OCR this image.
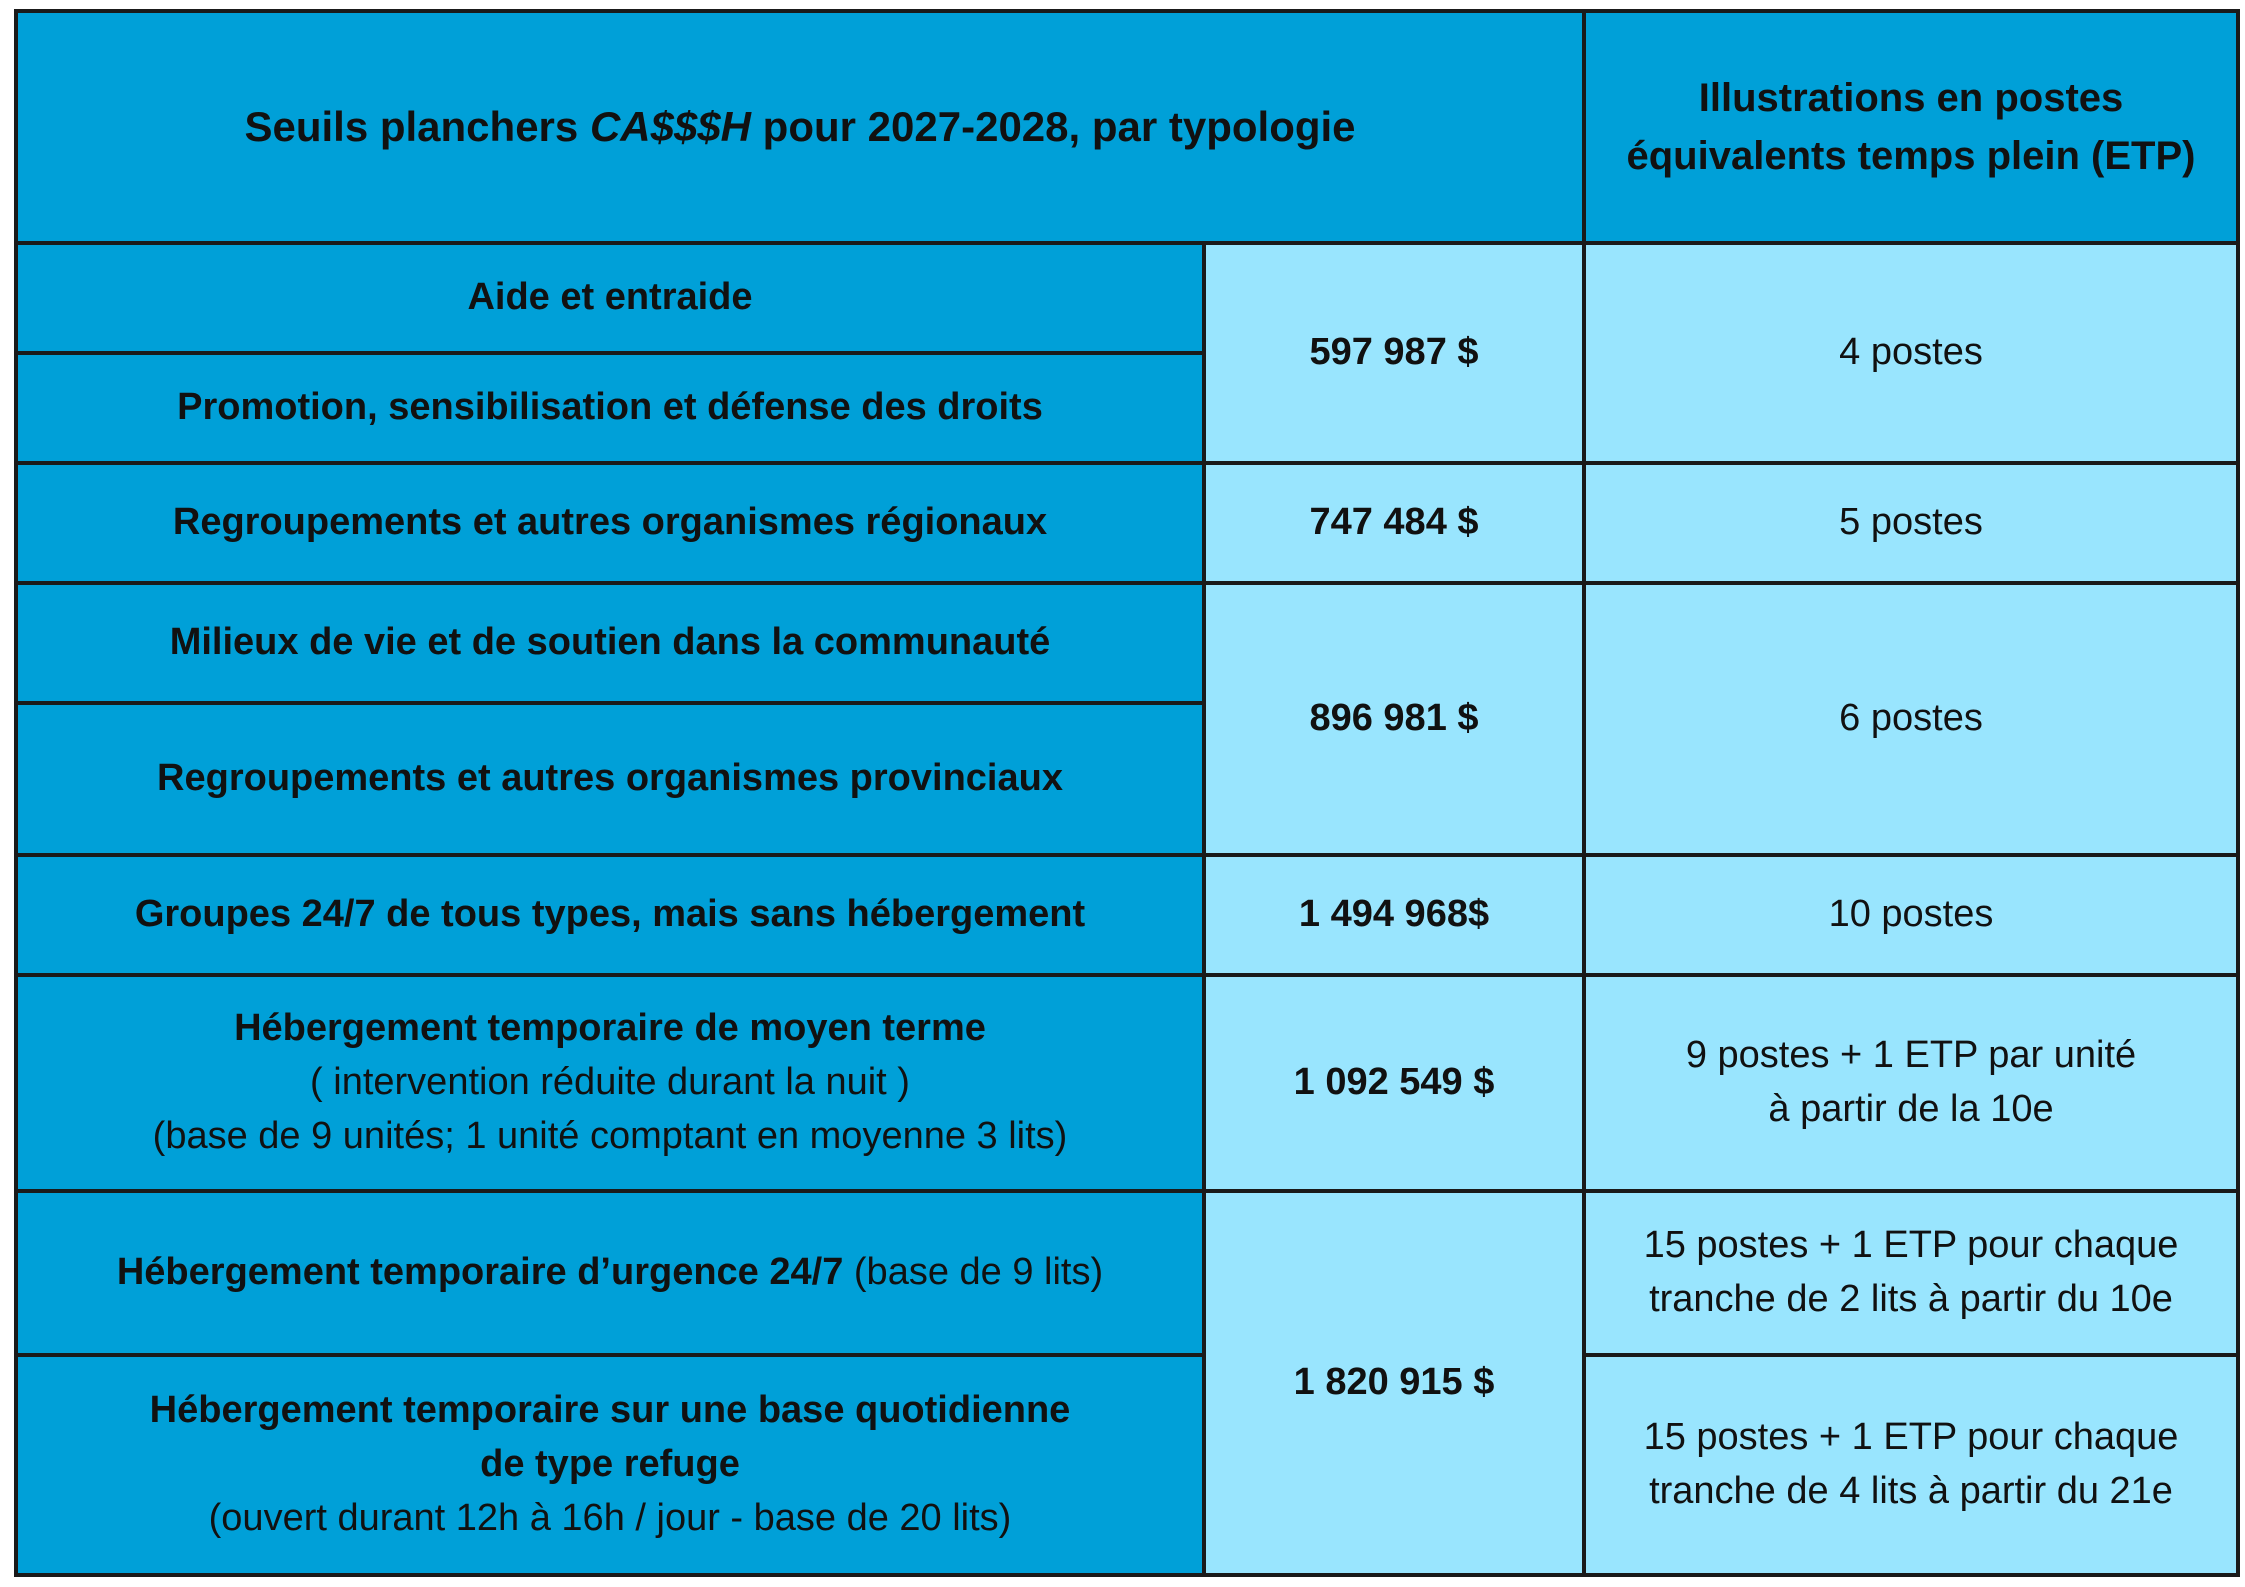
Seuils planchers CA$$$H pour 2027-2028, par typologie		Illustrations en postes équivalents temps plein (ETP)
Aide et entraide	597 987 $	4 postes
Promotion, sensibilisation et défense des droits		
Regroupements et autres organismes régionaux	747 484 $	5 postes
Milieux de vie et de soutien dans la communauté	896 981 $	6 postes
Regroupements et autres organismes provinciaux		
Groupes 24/7 de tous types, mais sans hébergement	1 494 968$	10 postes

Hébergement temporaire de moyen terme
( intervention réduite durant la nuit )
(base de 9 unités; 1 unité comptant en moyenne 3 lits)	1 092 549 $	9 postes + 1 ETP par unité
à partir de la 10e

Hébergement temporaire d’urgence 24/7 (base de 9 lits)	1 820 915 $	15 postes + 1 ETP pour chaque
tranche de 2 lits à partir du 10e

Hébergement temporaire sur une base quotidienne
de type refuge
(ouvert durant 12h à 16h / jour - base de 20 lits)		15 postes + 1 ETP pour chaque
tranche de 4 lits à partir du 21e
